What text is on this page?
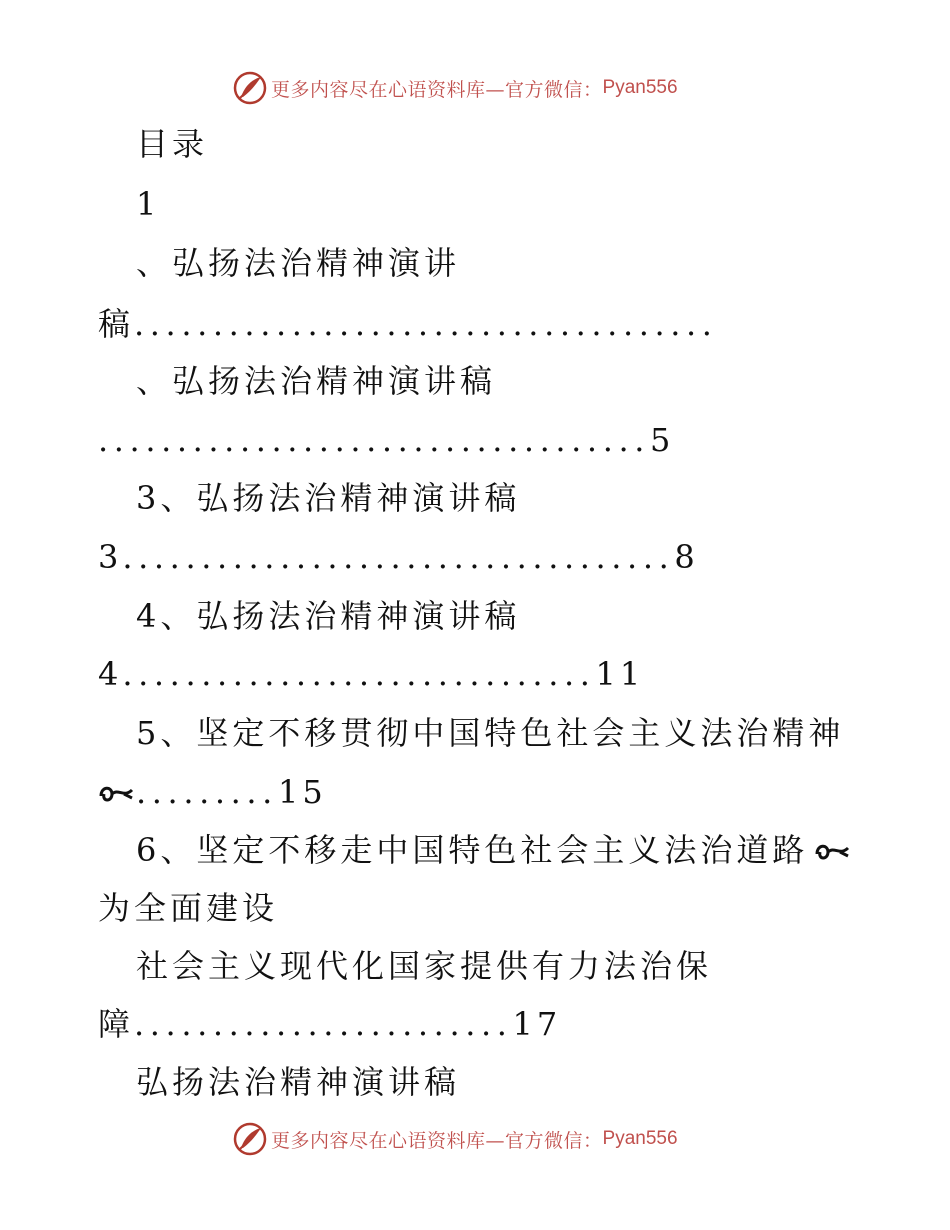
更多内容尽在心语资料库—官方微信： Pyan556
目录
1
、弘扬法治精神演讲
稿.....................................
、弘扬法治精神演讲稿
...................................5
3、弘扬法治精神演讲稿
3...................................8
4、弘扬法治精神演讲稿
4..............................11
5、坚定不移贯彻中国特色社会主义法治精神
.........15
6、坚定不移走中国特色社会主义法治道路
为全面建设
社会主义现代化国家提供有力法治保
障........................17
弘扬法治精神演讲稿
更多内容尽在心语资料库—官方微信： Pyan556
